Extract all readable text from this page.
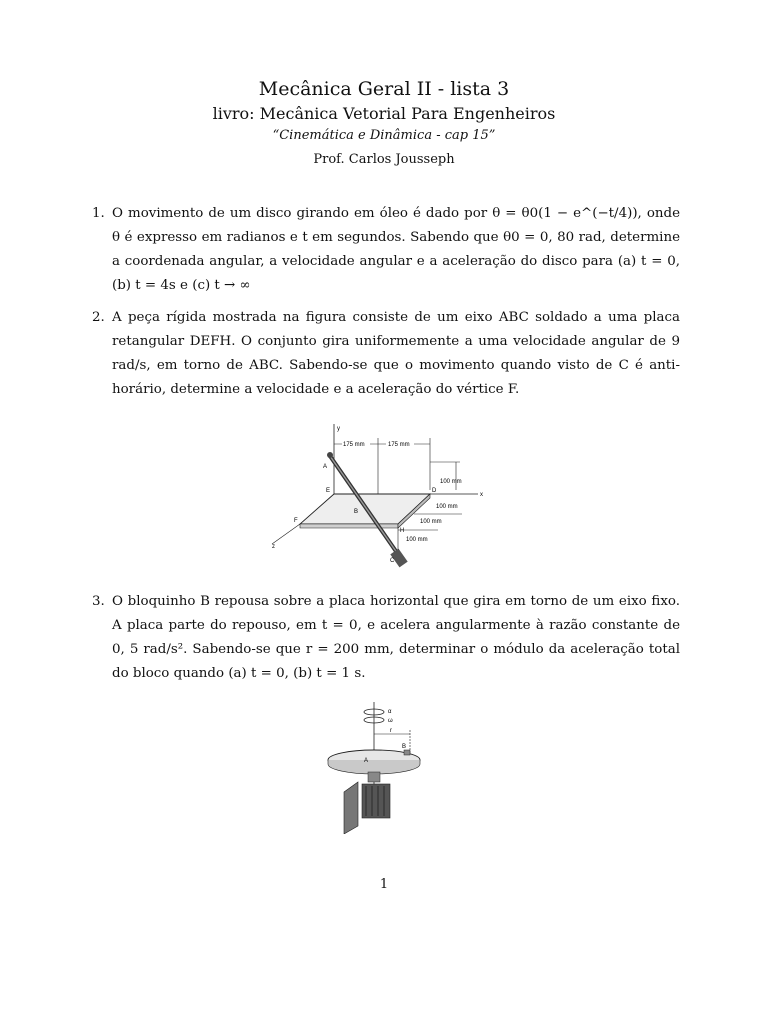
Mecânica Geral II - lista 3
livro: Mecânica Vetorial Para Engenheiros
“Cinemática e Dinâmica - cap 15”
Prof. Carlos Jousseph
1. O movimento de um disco girando em óleo é dado por θ = θ0(1 − e^(−t/4)), onde θ é expresso em radianos e t em segundos. Sabendo que θ0 = 0, 80 rad, determine a coordenada angular, a velocidade angular e a aceleração do disco para (a) t = 0, (b) t = 4s e (c) t → ∞
2. A peça rígida mostrada na figura consiste de um eixo ABC soldado a uma placa retangular DEFH. O conjunto gira uniformemente a uma velocidade angular de 9 rad/s, em torno de ABC. Sabendo-se que o movimento quando visto de C é anti-horário, determine a velocidade e a aceleração do vértice F.
y
175 mm	175 mm
100 mm
x
z
100 mm
100 mm
100 mm
A
E	D
B
F
H
C
3. O bloquinho B repousa sobre a placa horizontal que gira em torno de um eixo fixo. A placa parte do repouso, em t = 0, e acelera angularmente à razão constante de 0, 5 rad/s². Sabendo-se que r = 200 mm, determinar o módulo da aceleração total do bloco quando (a) t = 0, (b) t = 1 s.
α
ω
r
B
A
1
